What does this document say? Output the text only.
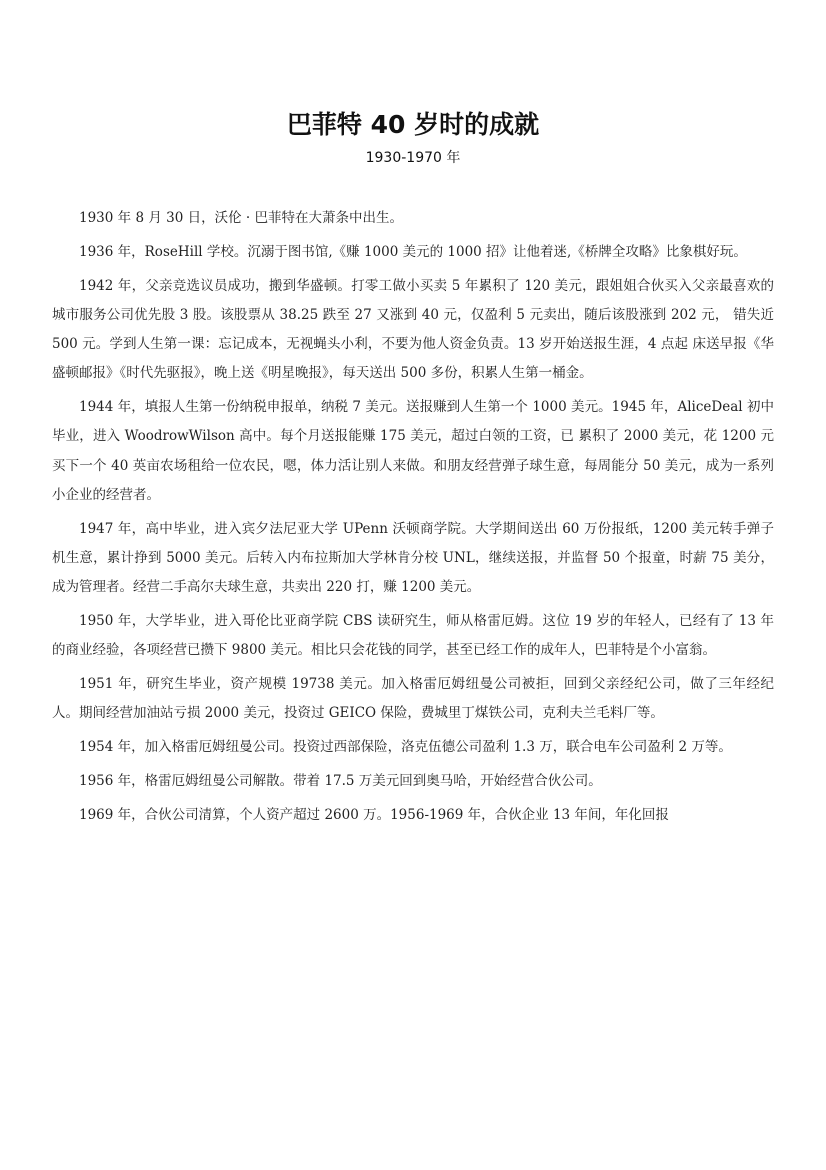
巴菲特 40 岁时的成就
1930-1970 年

1930 年 8 月 30 日，沃伦 · 巴菲特在大萧条中出生。

1936 年，RoseHill 学校。沉溺于图书馆,《赚 1000 美元的 1000 招》让他着迷,《桥牌全攻略》比象棋好玩。

1942 年，父亲竞选议员成功，搬到华盛顿。打零工做小买卖 5 年累积了 120 美元，跟姐姐合伙买入父亲最喜欢的城市服务公司优先股 3 股。该股票从 38.25 跌至 27 又涨到 40 元，仅盈利 5 元卖出，随后该股涨到 202 元， 错失近 500 元。学到人生第一课：忘记成本，无视蝇头小利，不要为他人资金负责。13 岁开始送报生涯，4 点起 床送早报《华盛顿邮报》《时代先驱报》，晚上送《明星晚报》，每天送出 500 多份，积累人生第一桶金。

1944 年，填报人生第一份纳税申报单，纳税 7 美元。送报赚到人生第一个 1000 美元。1945 年，AliceDeal 初中毕业，进入 WoodrowWilson 高中。每个月送报能赚 175 美元，超过白领的工资，已 累积了 2000 美元，花 1200 元买下一个 40 英亩农场租给一位农民，嗯，体力活让别人来做。和朋友经营弹子球生意，每周能分 50 美元，成为一系列小企业的经营者。

1947 年，高中毕业，进入宾夕法尼亚大学 UPenn 沃顿商学院。大学期间送出 60 万份报纸，1200 美元转手弹子 机生意，累计挣到 5000 美元。后转入内布拉斯加大学林肯分校 UNL，继续送报，并监督 50 个报童，时薪 75 美分，成为管理者。经营二手高尔夫球生意，共卖出 220 打，赚 1200 美元。

1950 年，大学毕业，进入哥伦比亚商学院 CBS 读研究生，师从格雷厄姆。这位 19 岁的年轻人，已经有了 13 年的商业经验，各项经营已攒下 9800 美元。相比只会花钱的同学，甚至已经工作的成年人，巴菲特是个小富翁。

1951 年，研究生毕业，资产规模 19738 美元。加入格雷厄姆纽曼公司被拒，回到父亲经纪公司，做了三年经纪 人。期间经营加油站亏损 2000 美元，投资过 GEICO 保险，费城里丁煤铁公司，克利夫兰毛料厂等。

1954 年，加入格雷厄姆纽曼公司。投资过西部保险，洛克伍德公司盈利 1.3 万，联合电车公司盈利 2 万等。

1956 年，格雷厄姆纽曼公司解散。带着 17.5 万美元回到奥马哈，开始经营合伙公司。

1969 年，合伙公司清算，个人资产超过 2600 万。1956-1969 年，合伙企业 13 年间，年化回报
